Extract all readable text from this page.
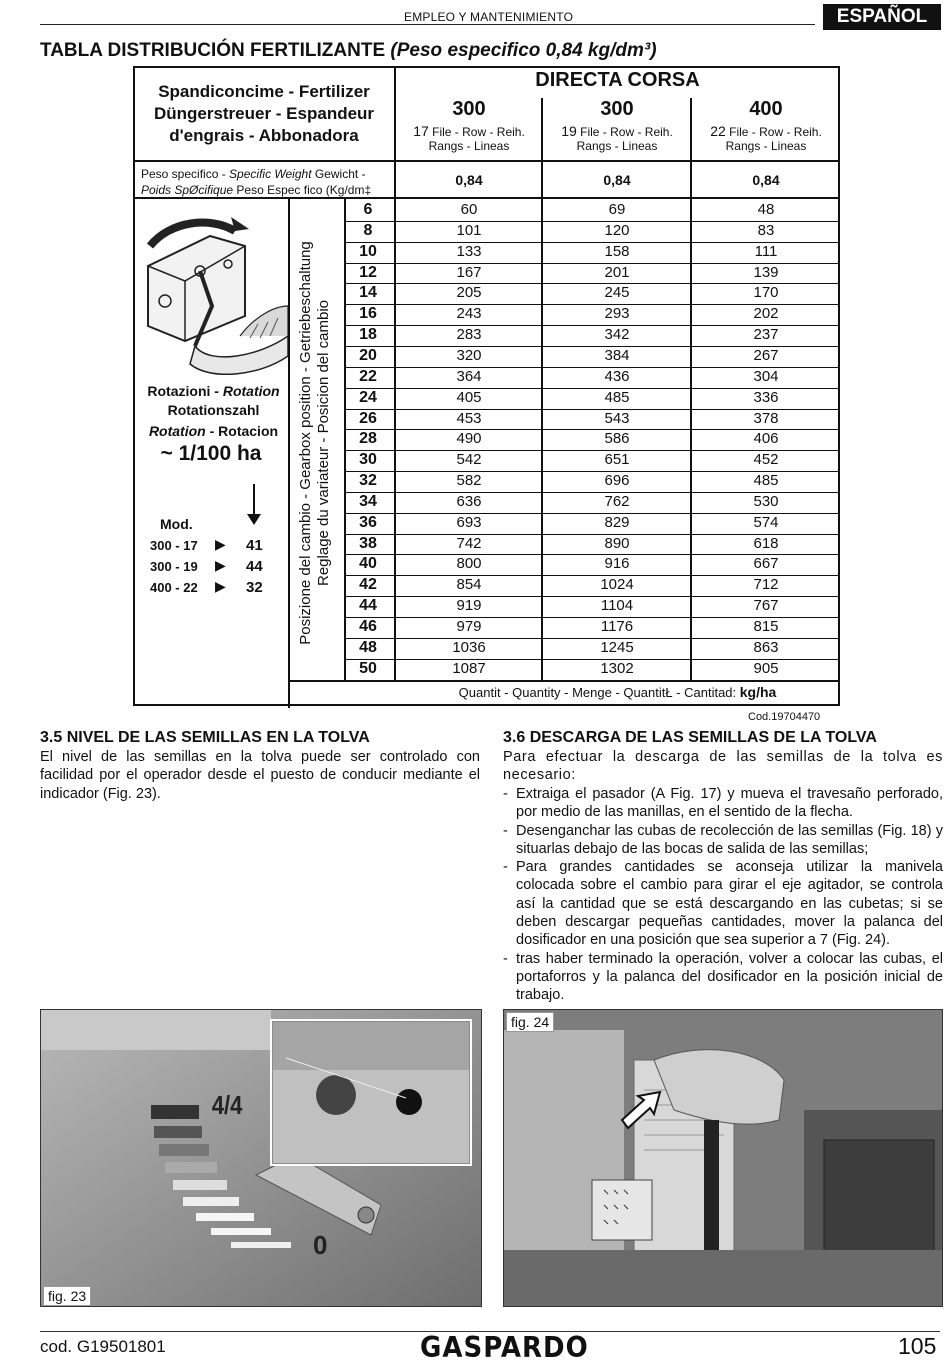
EMPLEO Y MANTENIMIENTO	ESPAÑOL
TABLA DISTRIBUCIÓN FERTILIZANTE (Peso especifico 0,84 kg/dm³)
Spandiconcime - Fertilizer
Düngerstreuer - Espandeur
d'engrais - Abbonadora
DIRECTA CORSA
300
17 File - Row - Reih.
Rangs - Lineas
300
19 File - Row - Reih.
Rangs - Lineas
400
22 File - Row - Reih.
Rangs - Lineas
Peso specifico - Specific Weight Gewicht -
Poids SpØcifique Peso Espec fico (Kg/dm‡
0,84	0,84	0,84
Posizione del cambio - Gearbox position - Getriebeschaltung Reglage du variateur - Posicion del cambio
6	60	69	48
8	101	120	83
10	133	158	111
12	167	201	139
14	205	245	170
16	243	293	202
18	283	342	237
20	320	384	267
22	364	436	304
24	405	485	336
26	453	543	378
28	490	586	406
30	542	651	452
32	582	696	485
34	636	762	530
36	693	829	574
38	742	890	618
40	800	916	667
42	854	1024	712
44	919	1104	767
46	979	1176	815
48	1036	1245	863
50	1087	1302	905
Rotazioni - Rotation
Rotationszahl
Rotation - Rotacion
~ 1/100 ha
Mod.
300 - 17 ▶ 41
300 - 19 ▶ 44
400 - 22 ▶ 32
Quantit - Quantity - Menge - QuantitŁ - Cantitad: kg/ha
Cod.19704470
3.5 NIVEL DE LAS SEMILLAS EN LA TOLVA
El nivel de las semillas en la tolva puede ser controlado con facilidad por el operador desde el puesto de conducir mediante el indicador (Fig. 23).
3.6 DESCARGA DE LAS SEMILLAS DE LA TOLVA
Para efectuar la descarga de las semillas de la tolva es necesario:
- Extraiga el pasador (A Fig. 17) y mueva el travesaño perforado, por medio de las manillas, en el sentido de la flecha.
- Desenganchar las cubas de recolección de las semillas (Fig. 18) y situarlas debajo de las bocas de salida de las semillas;
- Para grandes cantidades se aconseja utilizar la manivela colocada sobre el cambio para girar el eje agitador, se controla así la cantidad que se está descargando en las cubetas; si se deben descargar pequeñas cantidades, mover la palanca del dosificador en una posición que sea superior a 7 (Fig. 24).
- tras haber terminado la operación, volver a colocar las cubas, el portaforros y la palanca del dosificador en la posición inicial de trabajo.
4/4
0
fig. 23
fig. 24
cod. G19501801	GASPARDO	105
